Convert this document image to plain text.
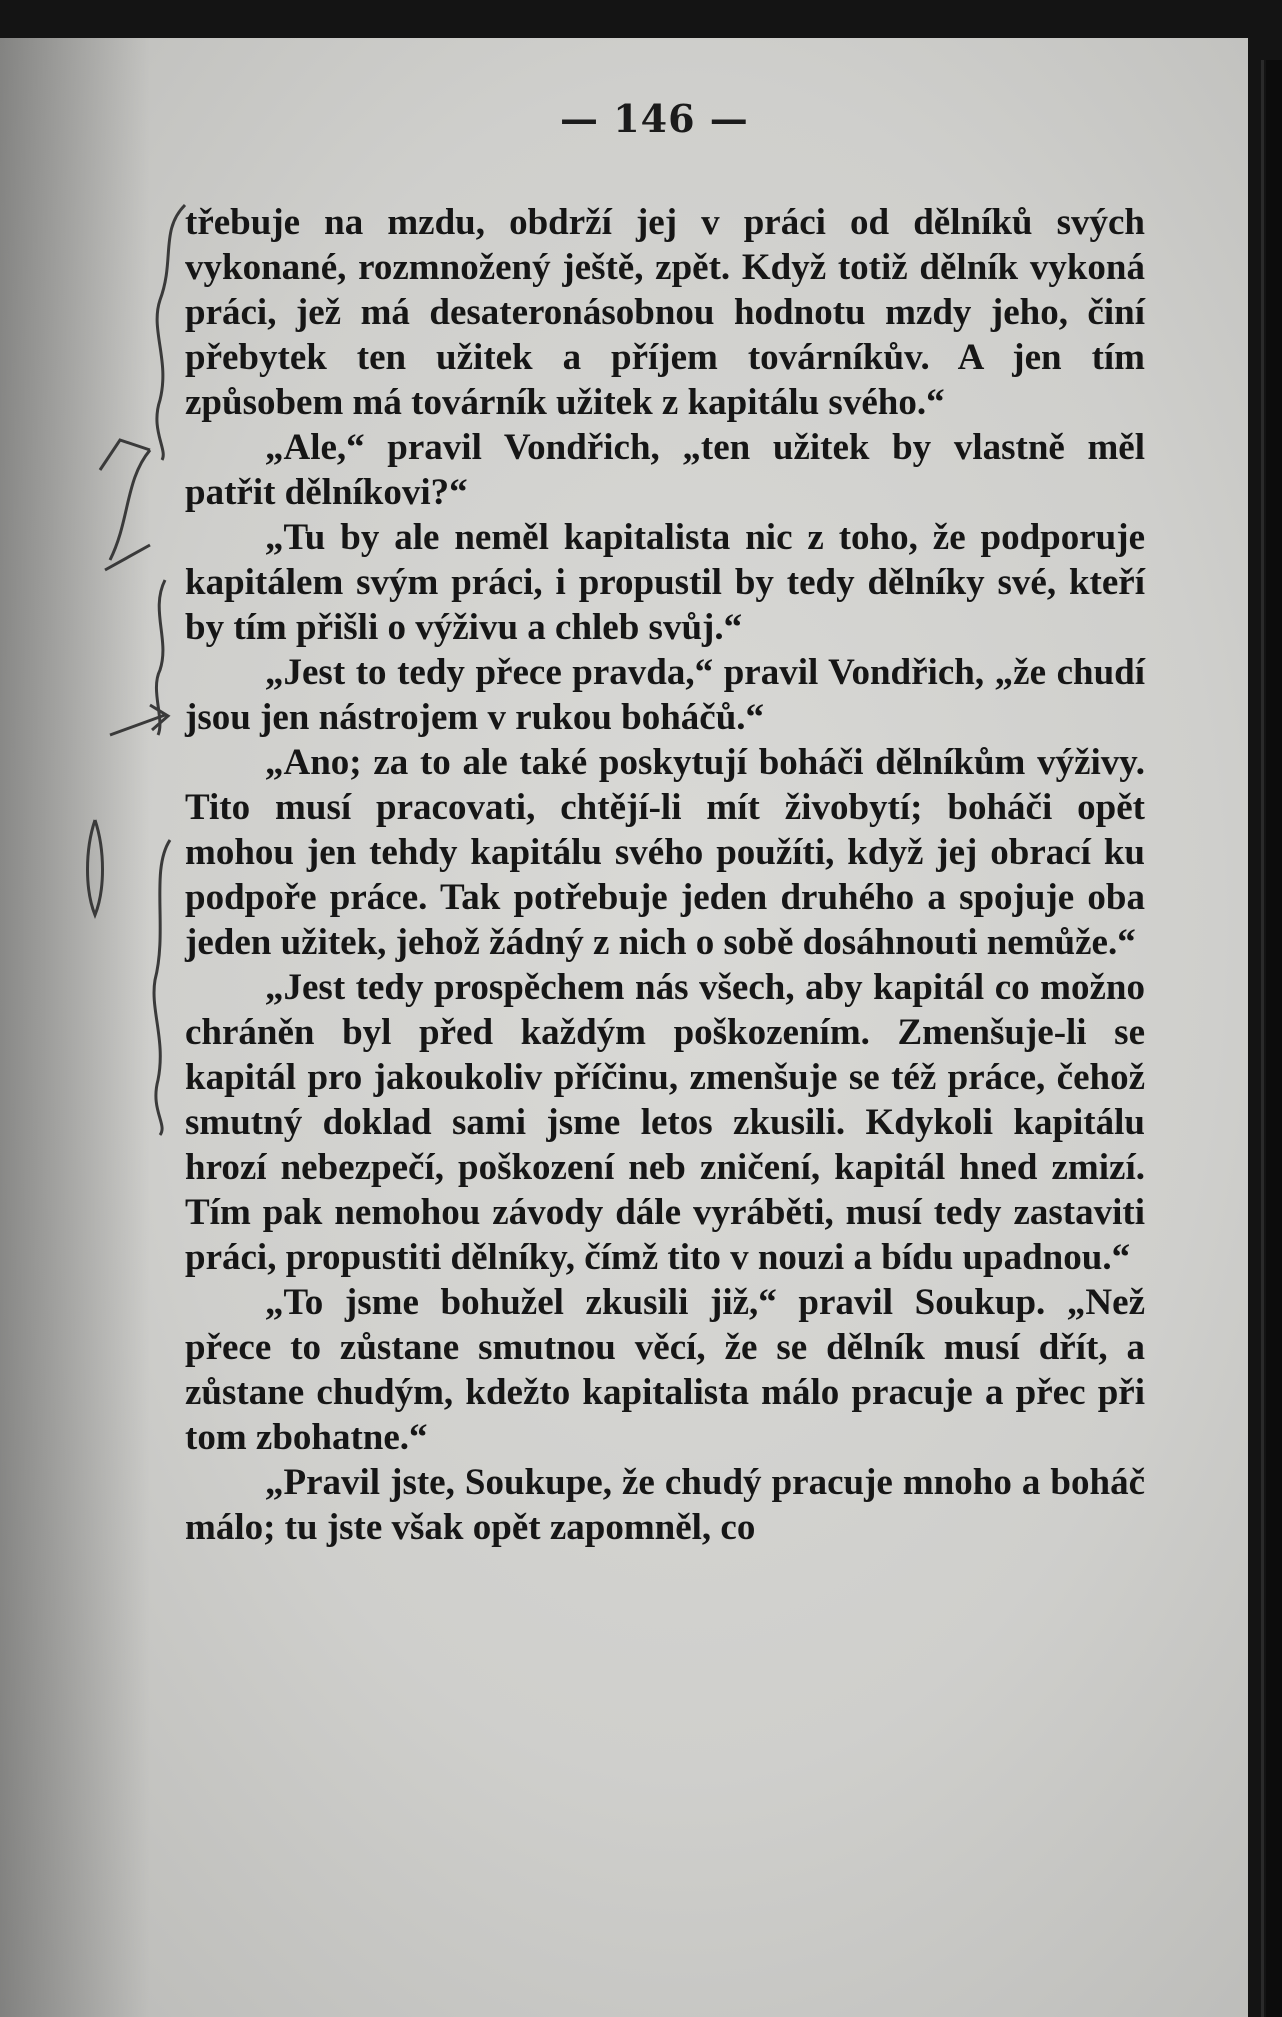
— 146 —

třebuje na mzdu, obdrží jej v práci od dělníků svých vykonané, rozmnožený ještě, zpět. Když totiž dělník vykoná práci, jež má desateronásobnou hodnotu mzdy jeho, činí přebytek ten užitek a příjem továrníkův. A jen tím způsobem má továrník užitek z kapitálu svého.“

„Ale,“ pravil Vondřich, „ten užitek by vlastně měl patřit dělníkovi?“

„Tu by ale neměl kapitalista nic z toho, že podporuje kapitálem svým práci, i propustil by tedy dělníky své, kteří by tím přišli o výživu a chleb svůj.“

„Jest to tedy přece pravda,“ pravil Vondřich, „že chudí jsou jen nástrojem v rukou boháčů.“

„Ano; za to ale také poskytují boháči dělníkům výživy. Tito musí pracovati, chtějí-li mít živobytí; boháči opět mohou jen tehdy kapitálu svého použíti, když jej obrací ku podpoře práce. Tak potřebuje jeden druhého a spojuje oba jeden užitek, jehož žádný z nich o sobě dosáhnouti nemůže.“

„Jest tedy prospěchem nás všech, aby kapitál co možno chráněn byl před každým poškozením. Zmenšuje-li se kapitál pro jakoukoliv příčinu, zmenšuje se též práce, čehož smutný doklad sami jsme letos zkusili. Kdykoli kapitálu hrozí nebezpečí, poškození neb zničení, kapitál hned zmizí. Tím pak nemohou závody dále vyráběti, musí tedy zastaviti práci, propustiti dělníky, čímž tito v nouzi a bídu upadnou.“

„To jsme bohužel zkusili již,“ pravil Soukup. „Než přece to zůstane smutnou věcí, že se dělník musí dřít, a zůstane chudým, kdežto kapitalista málo pracuje a přec při tom zbohatne.“

„Pravil jste, Soukupe, že chudý pracuje mnoho a boháč málo; tu jste však opět zapomněl, co
